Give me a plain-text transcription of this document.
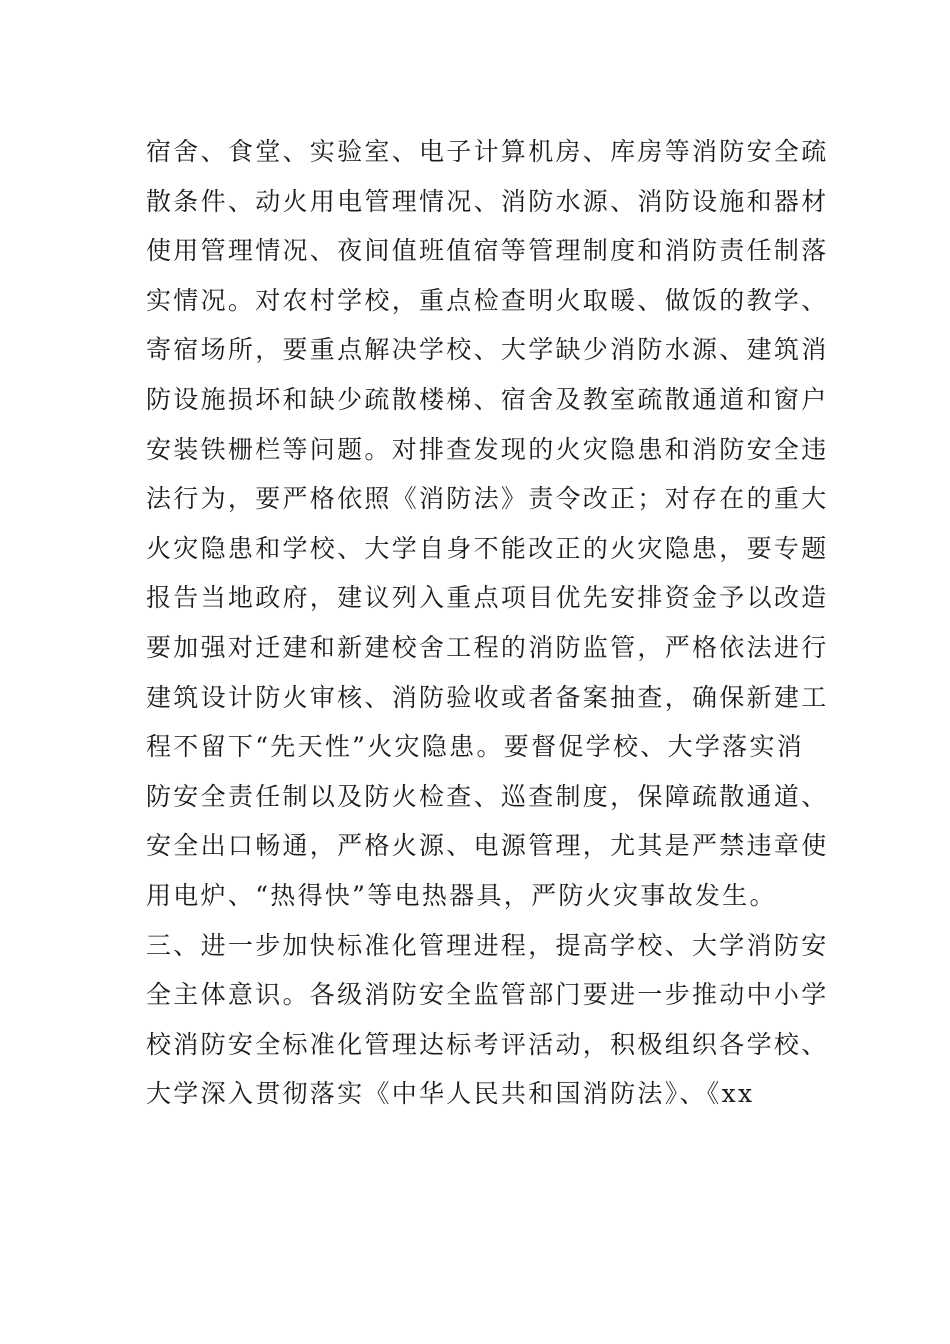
宿舍、食堂、实验室、电子计算机房、库房等消防安全疏
散条件、动火用电管理情况、消防水源、消防设施和器材
使用管理情况、夜间值班值宿等管理制度和消防责任制落
实情况。对农村学校，重点检查明火取暖、做饭的教学、
寄宿场所，要重点解决学校、大学缺少消防水源、建筑消
防设施损坏和缺少疏散楼梯、宿舍及教室疏散通道和窗户
安装铁栅栏等问题。对排查发现的火灾隐患和消防安全违
法行为，要严格依照《消防法》责令改正；对存在的重大
火灾隐患和学校、大学自身不能改正的火灾隐患，要专题
报告当地政府，建议列入重点项目优先安排资金予以改造
要加强对迁建和新建校舍工程的消防监管，严格依法进行
建筑设计防火审核、消防验收或者备案抽查，确保新建工
程不留下“先天性”火灾隐患。要督促学校、大学落实消
防安全责任制以及防火检查、巡查制度，保障疏散通道、
安全出口畅通，严格火源、电源管理，尤其是严禁违章使
用电炉、“热得快”等电热器具，严防火灾事故发生。
三、进一步加快标准化管理进程，提高学校、大学消防安
全主体意识。各级消防安全监管部门要进一步推动中小学
校消防安全标准化管理达标考评活动，积极组织各学校、
大学深入贯彻落实《中华人民共和国消防法》、《xx
